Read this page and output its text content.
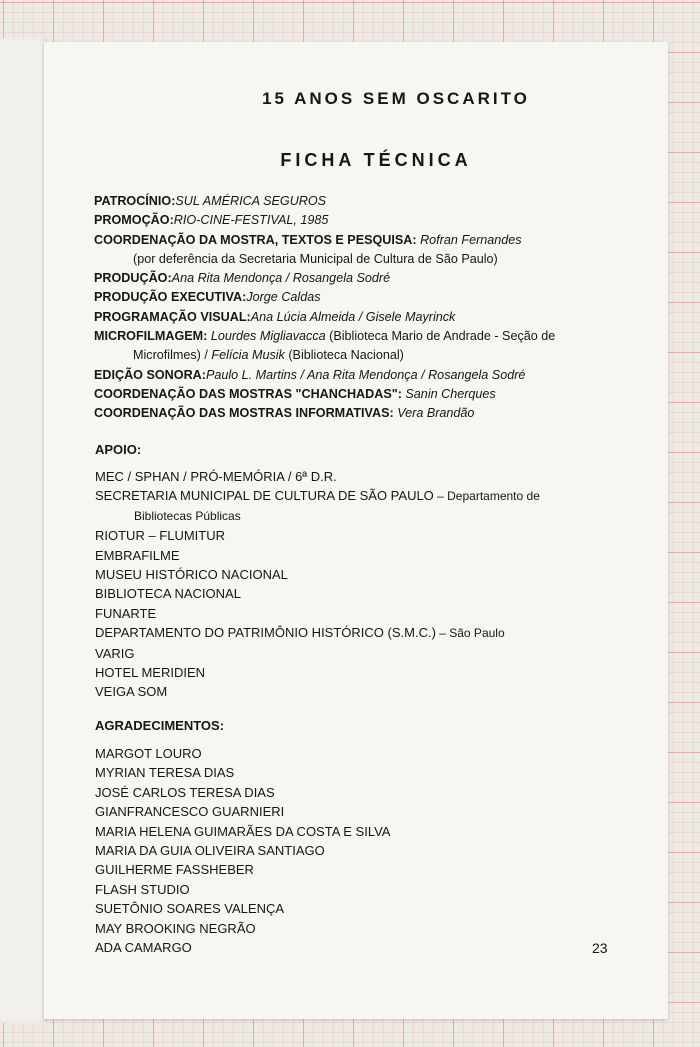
15 ANOS SEM OSCARITO
FICHA TÉCNICA
PATROCÍNIO:SUL AMÉRICA SEGUROS
PROMOÇÃO:RIO-CINE-FESTIVAL, 1985
COORDENAÇÃO DA MOSTRA, TEXTOS E PESQUISA: Rofran Fernandes
(por deferência da Secretaria Municipal de Cultura de São Paulo)
PRODUÇÃO:Ana Rita Mendonça / Rosangela Sodré
PRODUÇÃO EXECUTIVA:Jorge Caldas
PROGRAMAÇÃO VISUAL:Ana Lúcia Almeida / Gisele Mayrinck
MICROFILMAGEM: Lourdes Migliavacca (Biblioteca Mario de Andrade - Seção de
Microfilmes) / Felícia Musik (Biblioteca Nacional)
EDIÇÃO SONORA:Paulo L. Martins / Ana Rita Mendonça / Rosangela Sodré
COORDENAÇÃO DAS MOSTRAS "CHANCHADAS": Sanin Cherques
COORDENAÇÃO DAS MOSTRAS INFORMATIVAS: Vera Brandão
APOIO:
MEC / SPHAN / PRÓ-MEMÓRIA / 6ª D.R.
SECRETARIA MUNICIPAL DE CULTURA DE SÃO PAULO – Departamento de
Bibliotecas Públicas
RIOTUR – FLUMITUR
EMBRAFILME
MUSEU HISTÓRICO NACIONAL
BIBLIOTECA NACIONAL
FUNARTE
DEPARTAMENTO DO PATRIMÔNIO HISTÓRICO (S.M.C.) – São Paulo
VARIG
HOTEL MERIDIEN
VEIGA SOM
AGRADECIMENTOS:
MARGOT LOURO
MYRIAN TERESA DIAS
JOSÉ CARLOS TERESA DIAS
GIANFRANCESCO GUARNIERI
MARIA HELENA GUIMARÃES DA COSTA E SILVA
MARIA DA GUIA OLIVEIRA SANTIAGO
GUILHERME FASSHEBER
FLASH STUDIO
SUETÔNIO SOARES VALENÇA
MAY BROOKING NEGRÃO
ADA CAMARGO	23
